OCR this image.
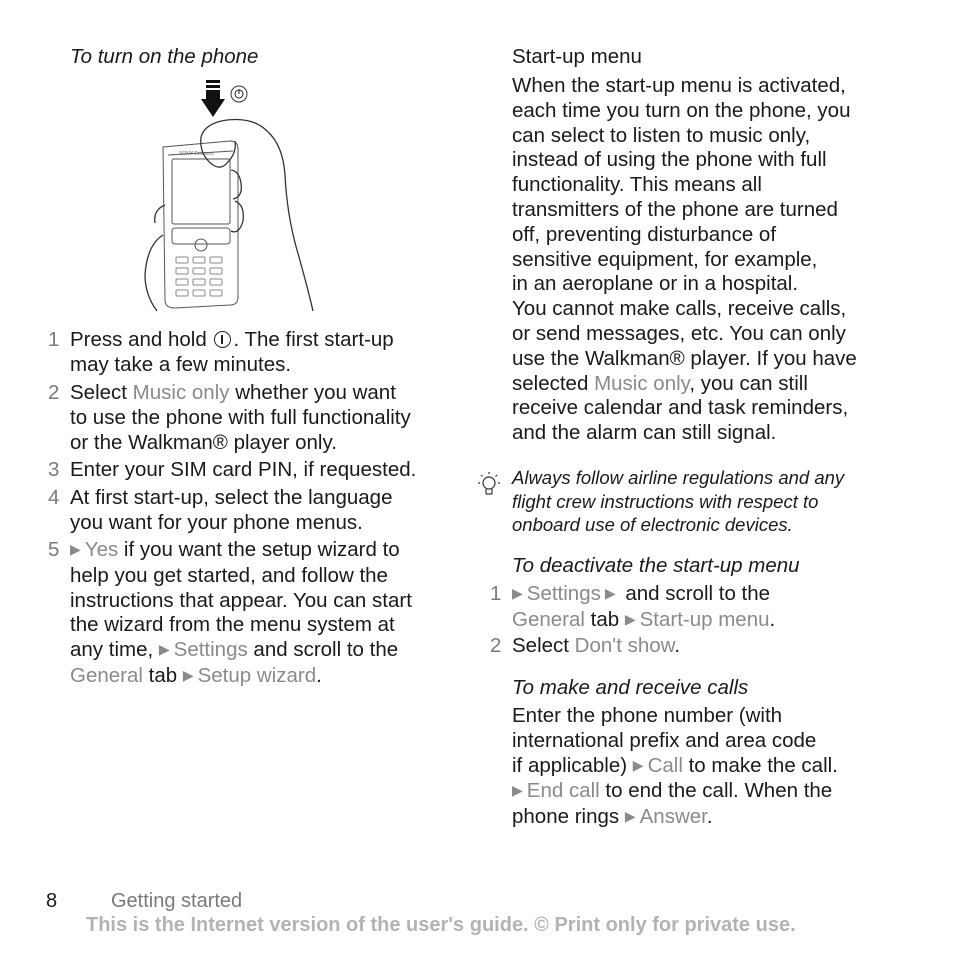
To turn on the phone
SONY Ericsson
1 Press and hold . The first start-up
may take a few minutes.
2 Select Music only whether you want
to use the phone with full functionality
or the Walkman® player only.
3 Enter your SIM card PIN, if requested.
4 At first start-up, select the language
you want for your phone menus.
5 ▶ Yes if you want the setup wizard to
help you get started, and follow the
instructions that appear. You can start
the wizard from the menu system at
any time, ▶ Settings and scroll to the
General tab ▶ Setup wizard.
Start-up menu
When the start-up menu is activated,
each time you turn on the phone, you
can select to listen to music only,
instead of using the phone with full
functionality. This means all
transmitters of the phone are turned
off, preventing disturbance of
sensitive equipment, for example,
in an aeroplane or in a hospital.
You cannot make calls, receive calls,
or send messages, etc. You can only
use the Walkman® player. If you have
selected Music only, you can still
receive calendar and task reminders,
and the alarm can still signal.
Always follow airline regulations and any
flight crew instructions with respect to
onboard use of electronic devices.
To deactivate the start-up menu
1 ▶ Settings ▶ and scroll to the
General tab ▶ Start-up menu.
2 Select Don't show.
To make and receive calls
Enter the phone number (with
international prefix and area code
if applicable) ▶ Call to make the call.
▶ End call to end the call. When the
phone rings ▶ Answer.
8	Getting started
This is the Internet version of the user's guide. © Print only for private use.
